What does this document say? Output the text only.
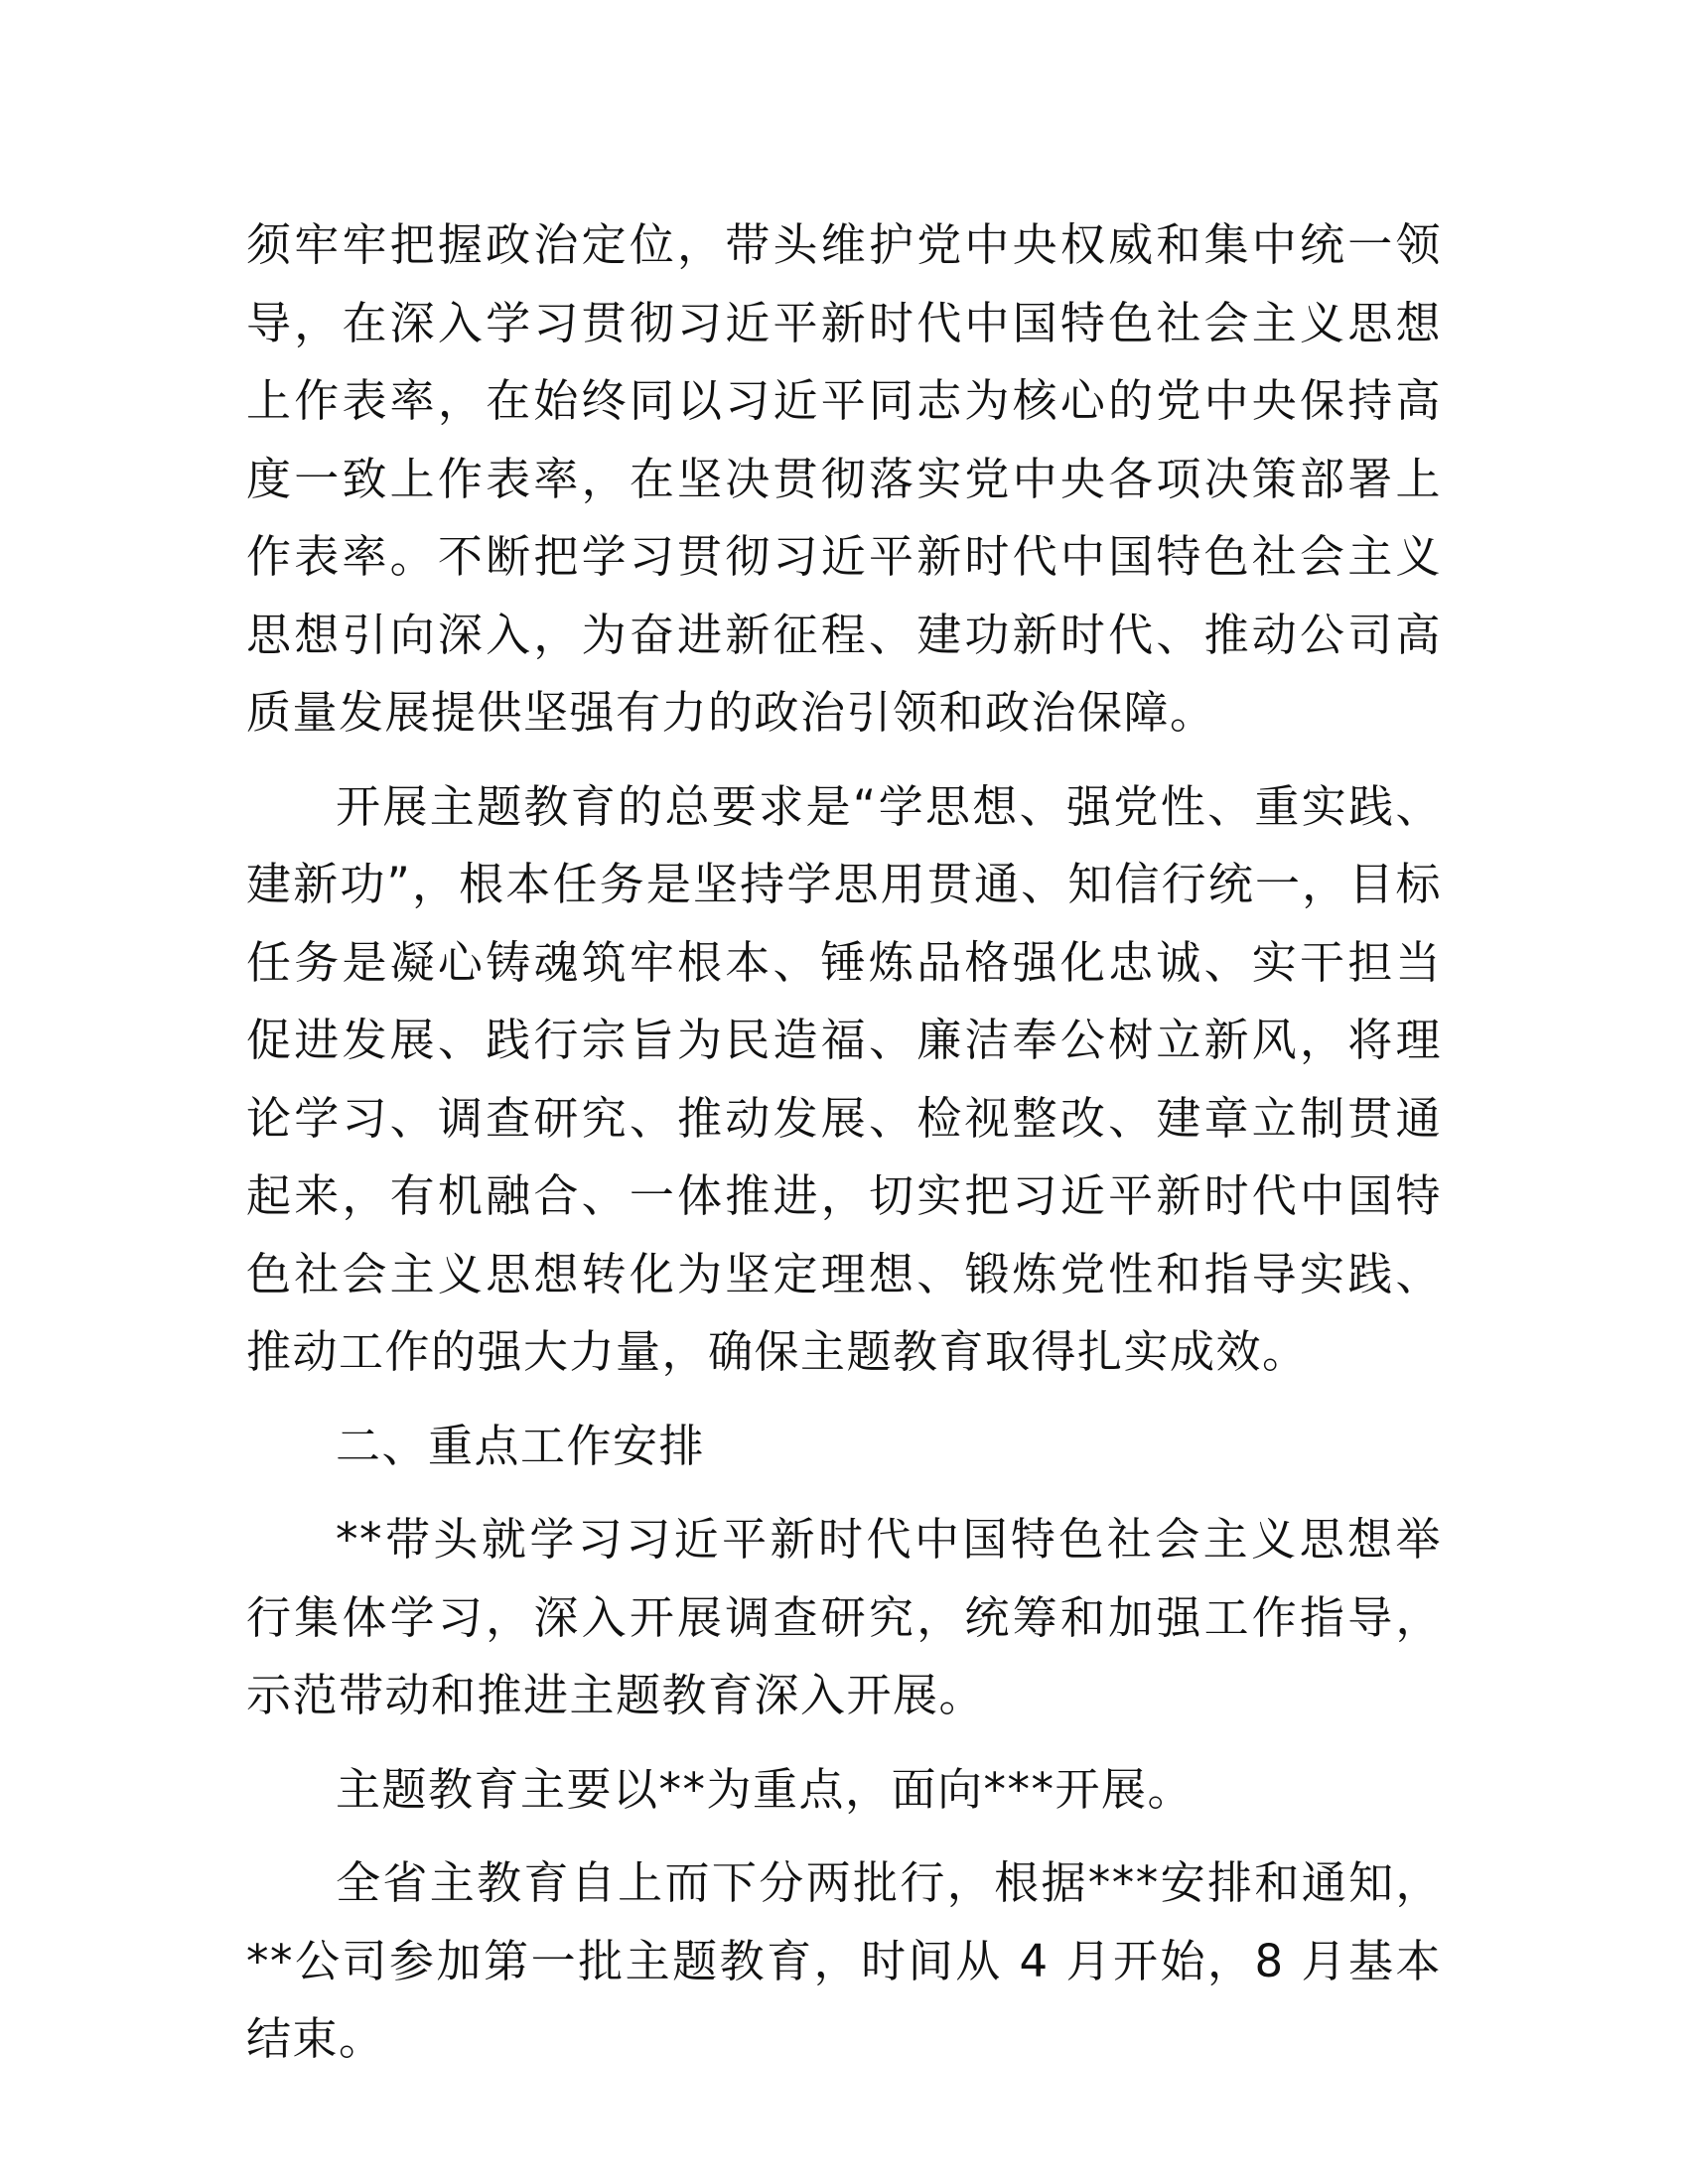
须牢牢把握政治定位，带头维护党中央权威和集中统一领导，在深入学习贯彻习近平新时代中国特色社会主义思想上作表率，在始终同以习近平同志为核心的党中央保持高度一致上作表率，在坚决贯彻落实党中央各项决策部署上作表率。不断把学习贯彻习近平新时代中国特色社会主义思想引向深入，为奋进新征程、建功新时代、推动公司高质量发展提供坚强有力的政治引领和政治保障。

开展主题教育的总要求是“学思想、强党性、重实践、建新功”，根本任务是坚持学思用贯通、知信行统一，目标任务是凝心铸魂筑牢根本、锤炼品格强化忠诚、实干担当促进发展、践行宗旨为民造福、廉洁奉公树立新风，将理论学习、调查研究、推动发展、检视整改、建章立制贯通起来，有机融合、一体推进，切实把习近平新时代中国特色社会主义思想转化为坚定理想、锻炼党性和指导实践、推动工作的强大力量，确保主题教育取得扎实成效。

二、重点工作安排

**带头就学习习近平新时代中国特色社会主义思想举行集体学习，深入开展调查研究，统筹和加强工作指导，示范带动和推进主题教育深入开展。

主题教育主要以**为重点，面向***开展。

全省主教育自上而下分两批行，根据***安排和通知，**公司参加第一批主题教育，时间从 4 月开始，8 月基本结束。
